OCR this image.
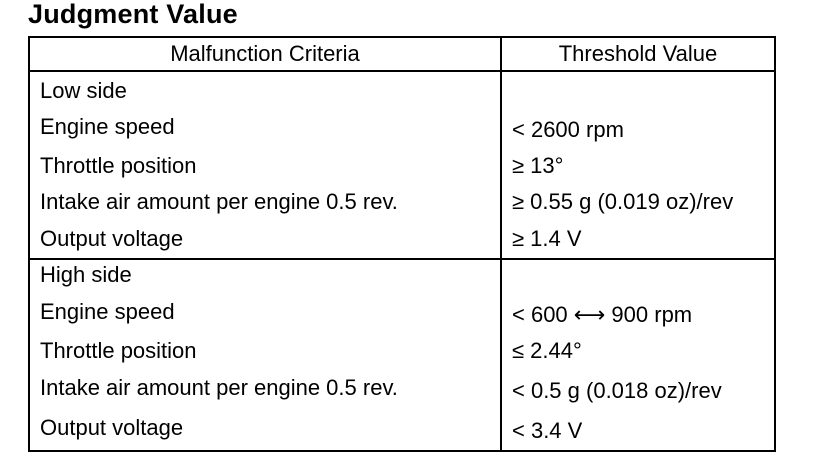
Judgment Value
Malfunction Criteria	Threshold Value
Low side
Engine speed	< 2600 rpm
Throttle position	≥ 13°
Intake air amount per engine 0.5 rev.	≥ 0.55 g (0.019 oz)/rev
Output voltage	≥ 1.4 V
High side
Engine speed	< 600 ⟷ 900 rpm
Throttle position	≤ 2.44°
Intake air amount per engine 0.5 rev.	< 0.5 g (0.018 oz)/rev
Output voltage	< 3.4 V
